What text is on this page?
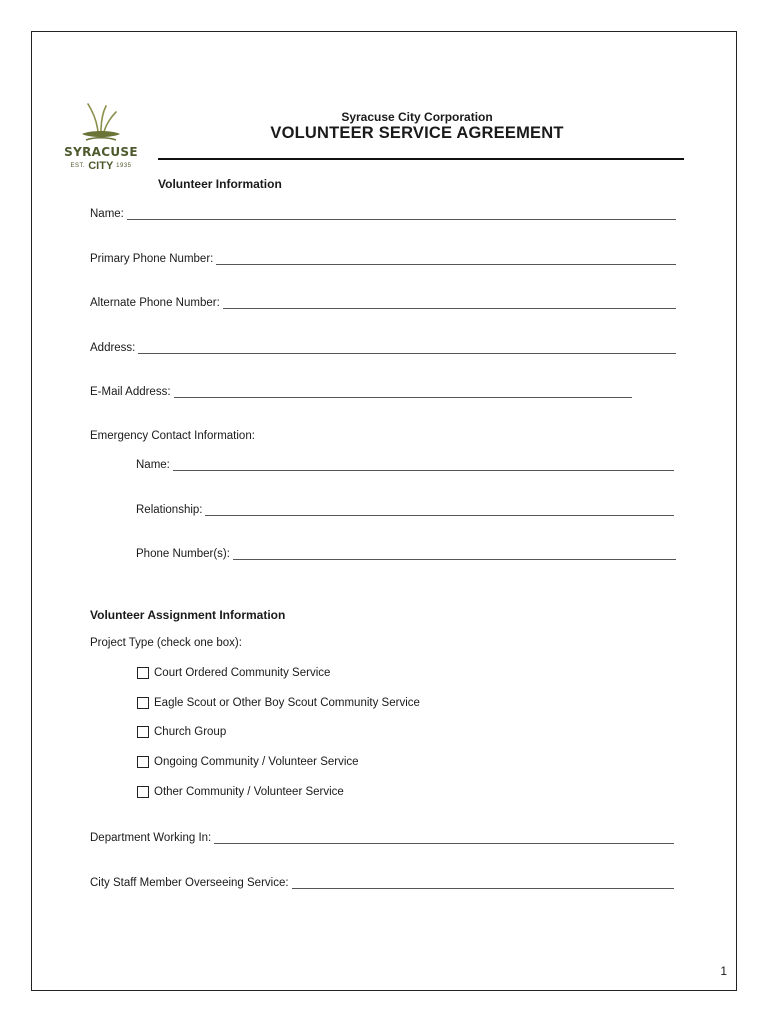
SYRACUSE
EST. CITY 1935
Syracuse City Corporation
VOLUNTEER SERVICE AGREEMENT
Volunteer Information
Name:
Primary Phone Number:
Alternate Phone Number:
Address:
E-Mail Address:
Emergency Contact Information:
Name:
Relationship:
Phone Number(s):
Volunteer Assignment Information
Project Type (check one box):
Court Ordered Community Service
Eagle Scout or Other Boy Scout Community Service
Church Group
Ongoing Community / Volunteer Service
Other Community / Volunteer Service
Department Working In:
City Staff Member Overseeing Service:
1
